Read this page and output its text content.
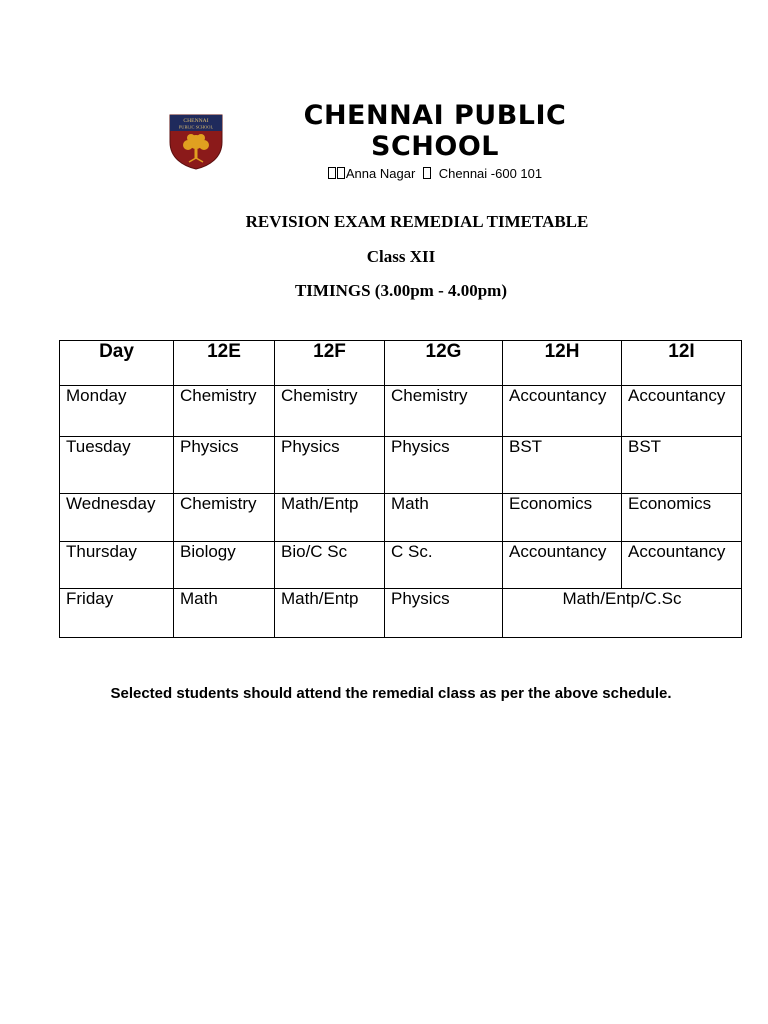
CHENNAI
PUBLIC SCHOOL	CHENNAI PUBLIC SCHOOL
Anna Nagar Chennai -600 101
REVISION EXAM REMEDIAL TIMETABLE
Class XII
TIMINGS (3.00pm - 4.00pm)
Day	12E	12F	12G	12H	12I
Monday	Chemistry	Chemistry	Chemistry	Accountancy	Accountancy
Tuesday	Physics	Physics	Physics	BST	BST
Wednesday	Chemistry	Math/Entp	Math	Economics	Economics
Thursday	Biology	Bio/C Sc	C Sc.	Accountancy	Accountancy
Friday	Math	Math/Entp	Physics	Math/Entp/C.Sc	
Selected students should attend the remedial class as per the above schedule.
